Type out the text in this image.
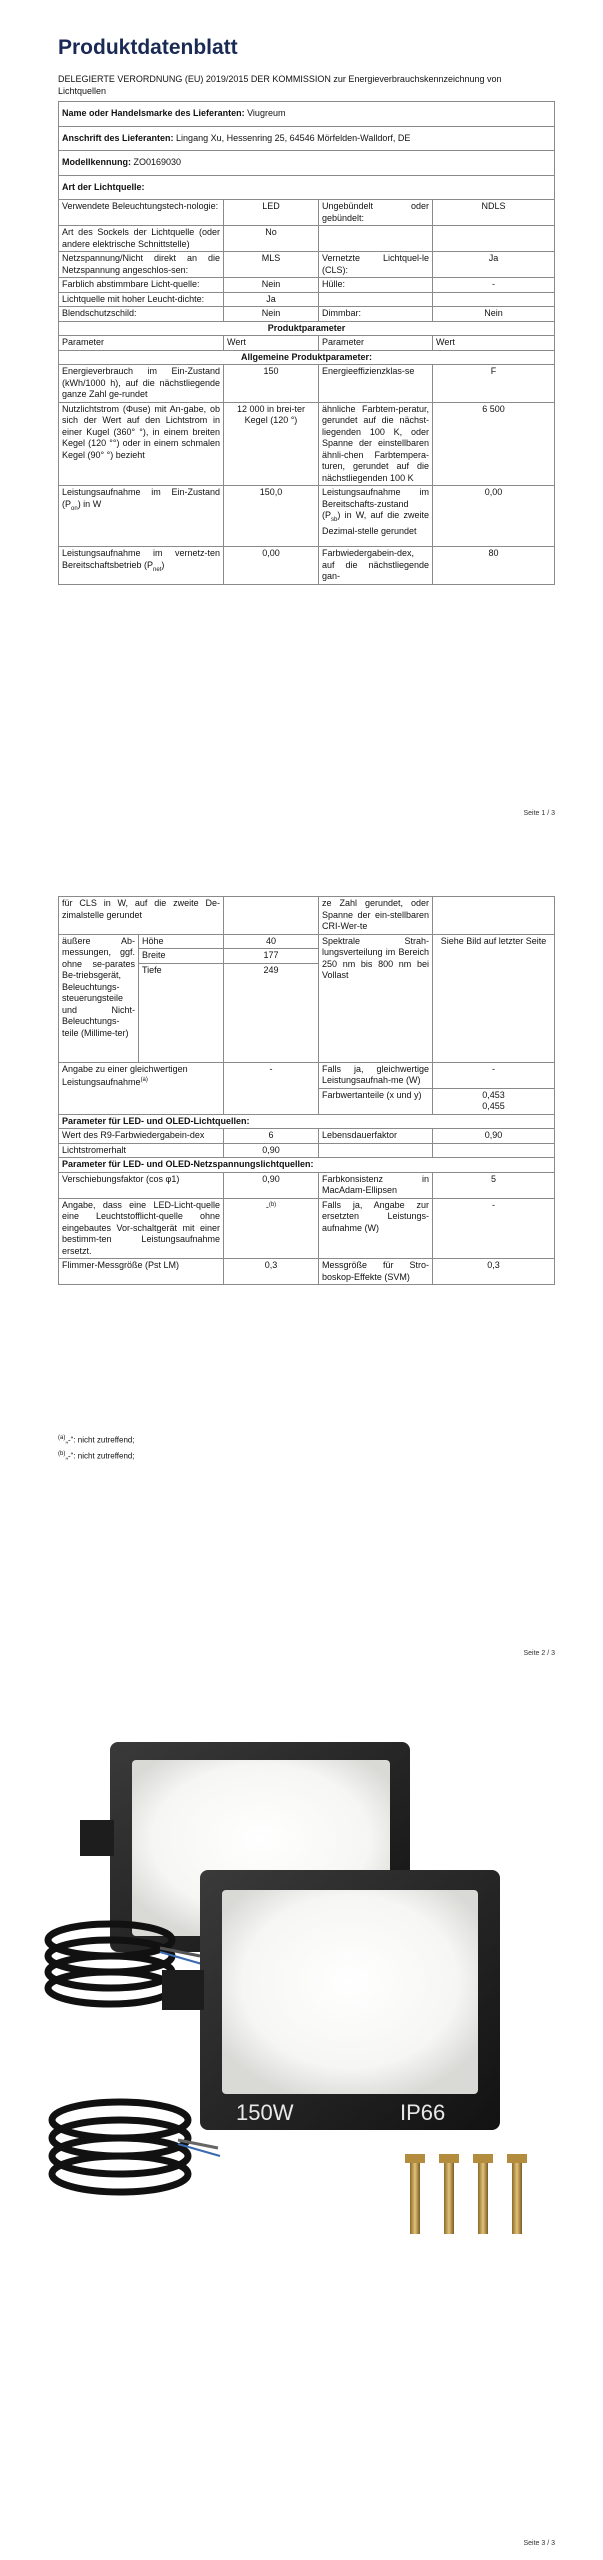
Produktdatenblatt
DELEGIERTE VERORDNUNG (EU) 2019/2015 DER KOMMISSION zur Energieverbrauchskennzeichnung von Lichtquellen
Name oder Handelsmarke des Lieferanten: Viugreum			
Anschrift des Lieferanten: Lingang Xu, Hessenring 25, 64546 Mörfelden-Walldorf, DE			
Modellkennung: ZO0169030			
Art der Lichtquelle:			
Verwendete Beleuchtungstech-nologie:	LED	Ungebündelt oder gebündelt:	NDLS
Art des Sockels der Lichtquelle (oder andere elektrische Schnittstelle)	No		
Netzspannung/Nicht direkt an die Netzspannung angeschlos-sen:	MLS	Vernetzte Lichtquel-le (CLS):	Ja
Farblich abstimmbare Licht-quelle:	Nein	Hülle:	-
Lichtquelle mit hoher Leucht-dichte:	Ja		
Blendschutzschild:	Nein	Dimmbar:	Nein
Produktparameter			
Parameter	Wert	Parameter	Wert
Allgemeine Produktparameter:			
Energieverbrauch im Ein-Zustand (kWh/1000 h), auf die nächstliegende ganze Zahl ge-rundet	150	Energieeffizienzklas-se	F
Nutzlichtstrom (Φuse) mit An-gabe, ob sich der Wert auf den Lichtstrom in einer Kugel (360° °), in einem breiten Kegel (120 °°) oder in einem schmalen Kegel (90° °) bezieht	12 000 in brei-ter Kegel (120 °)	ähnliche Farbtem-peratur, gerundet auf die nächst-liegenden 100 K, oder Spanne der einstellbaren ähnli-chen Farbtempera-turen, gerundet auf die nächstliegenden 100 K	6 500
Leistungsaufnahme im Ein-Zustand $(P_{on})$ in W	150,0	Leistungsaufnahme im Bereitschafts-zustand $(P_{sb})$ in W, auf die zweite Dezimal-stelle gerundet	0,00
Leistungsaufnahme im vernetz-ten Bereitschaftsbetrieb $(P_{net})$	0,00	Farbwiedergabein-dex, auf die nächstliegende gan-	80
Seite 1 / 3
für CLS in W, auf die zweite De-zimalstelle gerundet			ze Zahl gerundet, oder Spanne der ein-stellbaren CRI-Wer-te	
äußere Ab-messungen, ggf. ohne se-parates Be-triebsgerät, Beleuchtungs-steuerungsteile und Nicht-Beleuchtungs-teile (Millime-ter)	Höhe	40	Spektrale Strah-lungsverteilung im Bereich 250 nm bis 800 nm bei Vollast	Siehe Bild auf letzter Seite
	Breite	177		
	Tiefe	249		
Angabe zu einer gleichwertigen Leistungsaufnahme$^{(a)}$		-	Falls ja, gleichwertige Leistungsaufnah-me (W)	-
			Farbwertanteile (x und y)	0,453
0,455

Parameter für LED- und OLED-Lichtquellen:				
Wert des R9-Farbwiedergabein-dex		6	Lebensdauerfaktor	0,90
Lichtstromerhalt		0,90		
Parameter für LED- und OLED-Netzspannungslichtquellen:				
Verschiebungsfaktor (cos φ1)		0,90	Farbkonsistenz in MacAdam-Ellipsen	5
Angabe, dass eine LED-Licht-quelle eine Leuchtstofflicht-quelle ohne eingebautes Vor-schaltgerät mit einer bestimm-ten Leistungsaufnahme ersetzt.		-$^{(b)}$	Falls ja, Angabe zur ersetzten Leistungs-aufnahme (W)	-
Flimmer-Messgröße (Pst LM)		0,3	Messgröße für Stro-boskop-Effekte (SVM)	0,3
$^{(a)}$„-“: nicht zutreffend;
$^{(b)}$„-“: nicht zutreffend;
Seite 2 / 3
150W	IP66
Seite 3 / 3
